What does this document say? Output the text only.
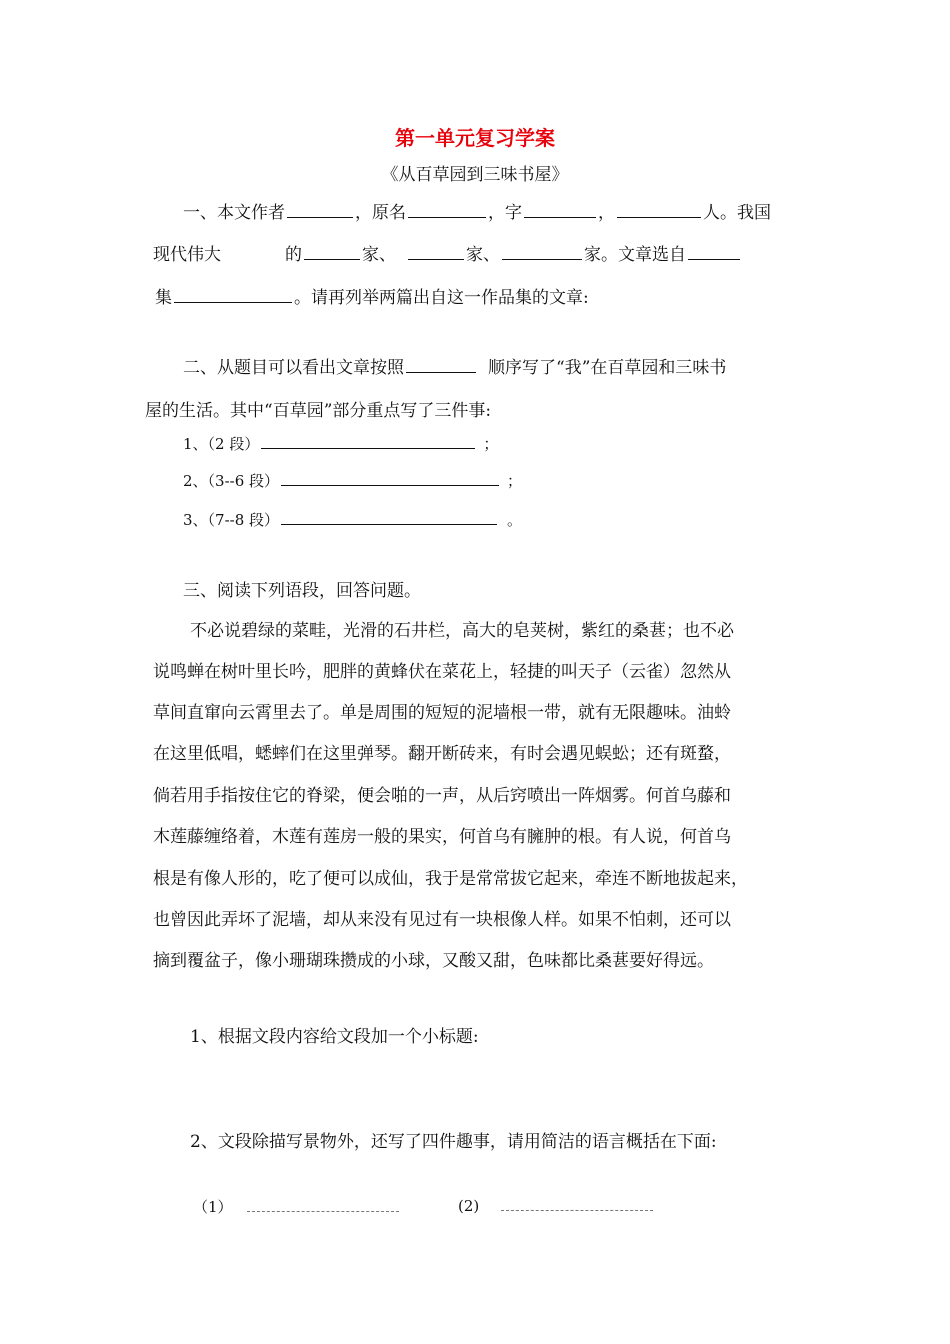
第一单元复习学案
《从百草园到三味书屋》
一、本文作者	，原名	，字	，	人。我国
现代伟大	的	家、	家、	家。文章选自
集	。请再列举两篇出自这一作品集的文章:
二、从题目可以看出文章按照	顺序写了“我”在百草园和三味书
屋的生活。其中“百草园”部分重点写了三件事:
1、（2 段）	；
2、（3--6 段）	；
3、（7--8 段）	。
三、阅读下列语段，回答问题。
不必说碧绿的菜畦，光滑的石井栏，高大的皂荚树，紫红的桑葚；也不必
说鸣蝉在树叶里长吟，肥胖的黄蜂伏在菜花上，轻捷的叫天子（云雀）忽然从
草间直窜向云霄里去了。单是周围的短短的泥墙根一带，就有无限趣味。油蛉
在这里低唱，蟋蟀们在这里弹琴。翻开断砖来，有时会遇见蜈蚣；还有斑蝥，
倘若用手指按住它的脊梁，便会啪的一声，从后窍喷出一阵烟雾。何首乌藤和
木莲藤缠络着，木莲有莲房一般的果实，何首乌有臃肿的根。有人说，何首乌
根是有像人形的，吃了便可以成仙，我于是常常拔它起来，牵连不断地拔起来，
也曾因此弄坏了泥墙，却从来没有见过有一块根像人样。如果不怕刺，还可以
摘到覆盆子，像小珊瑚珠攒成的小球，又酸又甜，色味都比桑葚要好得远。
1、根据文段内容给文段加一个小标题:
2、文段除描写景物外，还写了四件趣事，请用简洁的语言概括在下面:
（1）	(2)
